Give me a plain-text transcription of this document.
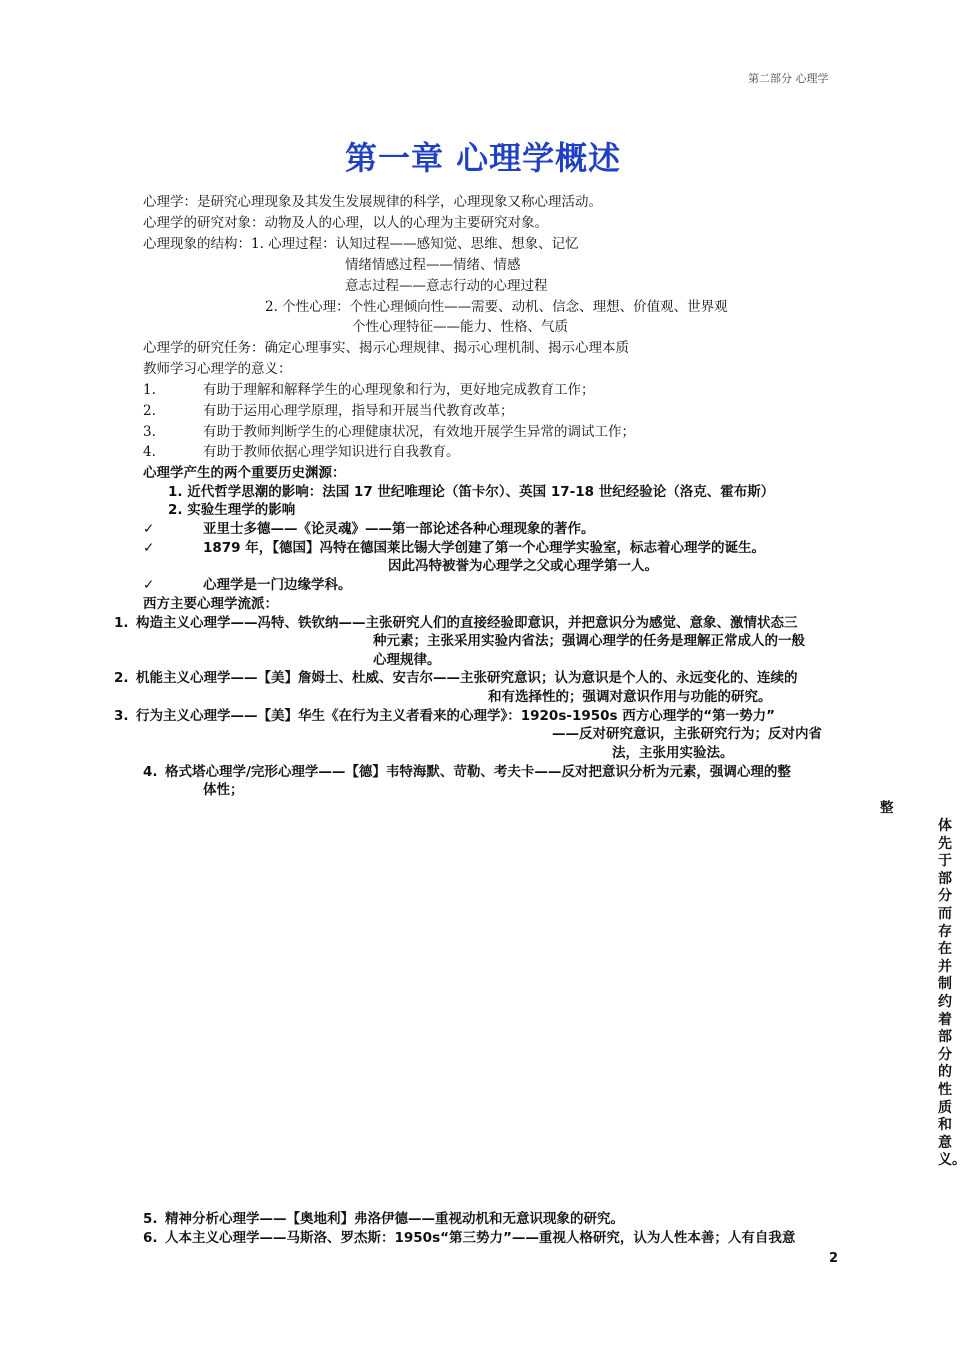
第二部分 心理学
第一章 心理学概述
心理学：是研究心理现象及其发生发展规律的科学，心理现象又称心理活动。
心理学的研究对象：动物及人的心理，以人的心理为主要研究对象。
心理现象的结构：1. 心理过程：认知过程——感知觉、思维、想象、记忆
情绪情感过程——情绪、情感
意志过程——意志行动的心理过程
2. 个性心理：个性心理倾向性——需要、动机、信念、理想、价值观、世界观
个性心理特征——能力、性格、气质
心理学的研究任务：确定心理事实、揭示心理规律、揭示心理机制、揭示心理本质
教师学习心理学的意义：
1.	有助于理解和解释学生的心理现象和行为，更好地完成教育工作；
2.	有助于运用心理学原理，指导和开展当代教育改革；
3.	有助于教师判断学生的心理健康状况，有效地开展学生异常的调试工作；
4.	有助于教师依据心理学知识进行自我教育。
心理学产生的两个重要历史渊源：
1. 近代哲学思潮的影响：法国 17 世纪唯理论（笛卡尔）、英国 17-18 世纪经验论（洛克、霍布斯）
2. 实验生理学的影响
✓	亚里士多德——《论灵魂》——第一部论述各种心理现象的著作。
✓	1879 年，【德国】冯特在德国莱比锡大学创建了第一个心理学实验室，标志着心理学的诞生。
因此冯特被誉为心理学之父或心理学第一人。
✓	心理学是一门边缘学科。
西方主要心理学流派：
1. 构造主义心理学——冯特、铁钦纳——主张研究人们的直接经验即意识，并把意识分为感觉、意象、激情状态三
种元素；主张采用实验内省法；强调心理学的任务是理解正常成人的一般
心理规律。
2. 机能主义心理学——【美】詹姆士、杜威、安吉尔——主张研究意识；认为意识是个人的、永远变化的、连续的
和有选择性的；强调对意识作用与功能的研究。
3. 行为主义心理学——【美】华生《在行为主义者看来的心理学》：1920s-1950s 西方心理学的“第一势力”
——反对研究意识，主张研究行为；反对内省
法，主张用实验法。
4. 格式塔心理学/完形心理学——【德】韦特海默、苛勒、考夫卡——反对把意识分析为元素，强调心理的整
体性；
整
体先于部分而存在并制约着部分的性质和意义。
5. 精神分析心理学——【奥地利】弗洛伊德——重视动机和无意识现象的研究。
6. 人本主义心理学——马斯洛、罗杰斯：1950s“第三势力”——重视人格研究，认为人性本善；人有自我意
2
